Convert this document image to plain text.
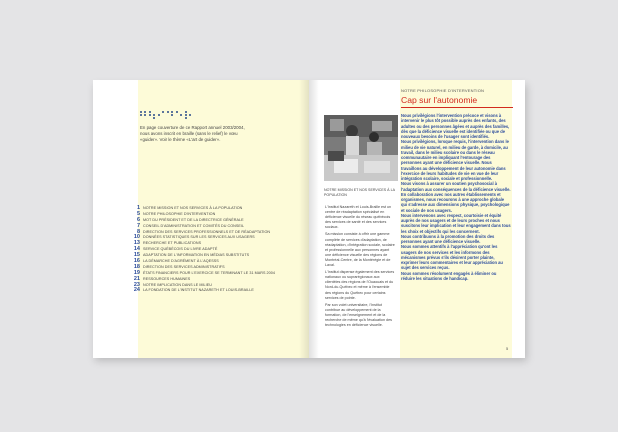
En page couverture de ce Rapport annuel 2003/2004, nous avons inscrit en braille (sans le relief) le vœu «guider». Voir le thème «L'art de guider».
1 NOTRE MISSION ET NOS SERVICES À LA POPULATION
5 NOTRE PHILOSOPHIE D'INTERVENTION
6 MOT DU PRÉSIDENT ET DE LA DIRECTRICE GÉNÉRALE
7 CONSEIL D'ADMINISTRATION ET COMITÉS DU CONSEIL
8 DIRECTION DES SERVICES PROFESSIONNELS ET DE RÉADAPTATION
10 DONNÉES STATISTIQUES SUR LES SERVICES AUX USAGERS
13 RECHERCHE ET PUBLICATIONS
14 SERVICE QUÉBÉCOIS DU LIVRE ADAPTÉ
15 ADAPTATION DE L'INFORMATION EN MÉDIAS SUBSTITUTS
16 LA DÉMARCHE D'AGRÉMENT À L'AQESSS
18 DIRECTION DES SERVICES ADMINISTRATIFS
19 ÉTATS FINANCIERS POUR L'EXERCICE SE TERMINANT LE 31 MARS 2004
21 RESSOURCES HUMAINES
23 NOTRE IMPLICATION DANS LE MILIEU
24 LA FONDATION DE L'INSTITUT NAZARETH ET LOUIS-BRAILLE
NOTRE PHILOSOPHIE D'INTERVENTION
Cap sur l'autonomie
NOTRE MISSION ET NOS SERVICES À LA POPULATION

L'Institut Nazareth et Louis-Braille est un centre de réadaptation spécialisé en déficience visuelle du réseau québécois des services de santé et des services sociaux.

Sa mission consiste à offrir une gamme complète de services d'adaptation, de réadaptation, d'intégration sociale, scolaire et professionnelle aux personnes ayant une déficience visuelle des régions de Montréal-Centre, de la Montérégie et de Laval.

L'Institut dispense également des services nationaux ou suprarégionaux aux clientèles des régions de l'Ouaouais et du Nord-du-Québec et même à l'ensemble des régions du Québec pour certains services de pointe.

Par son volet universitaire, l'Institut contribue au développement de la formation, de l'enseignement et de la recherche de même qu'à l'évaluation des technologies en déficience visuelle.

Nous privilégions l'intervention précoce et visons à intervenir le plus tôt possible auprès des enfants, des adultes ou des personnes âgées et auprès des familles, dès que la déficience visuelle est identifiée ou que de nouveaux besoins de l'usager sont identifiés.

Nous privilégions, lorsque requis, l'intervention dans le milieu de vie naturel, en milieu de garde, à domicile, au travail, dans le milieu scolaire ou dans le réseau communautaire en impliquant l'entourage des personnes ayant une déficience visuelle. Nous travaillons au développement de leur autonomie dans l'exercice de leurs habitudes de vie en vue de leur intégration scolaire, sociale et professionnelle.

Nous visons à assurer un soutien psychosocial à l'adaptation aux conséquences de la déficience visuelle.

En collaboration avec nos autres établissements et organismes, nous recourons à une approche globale qui s'adresse aux dimensions physique, psychologique et sociale de nos usagers.

Nous intervenons avec respect, courtoisie et équité auprès de nos usagers et de leurs proches et nous suscitons leur implication et leur engagement dans tous les choix et objectifs qui les concernent.

Nous contribuons à la promotion des droits des personnes ayant une déficience visuelle.

Nous sommes attentifs à l'appréciation qu'ont les usagers de nos services et les informons des mécanismes prévus s'ils désirent porter plainte, exprimer leurs commentaires et leur appréciation au sujet des services reçus.

Nous sommes résolument engagés à éliminer ou réduire les situations de handicap.

5
